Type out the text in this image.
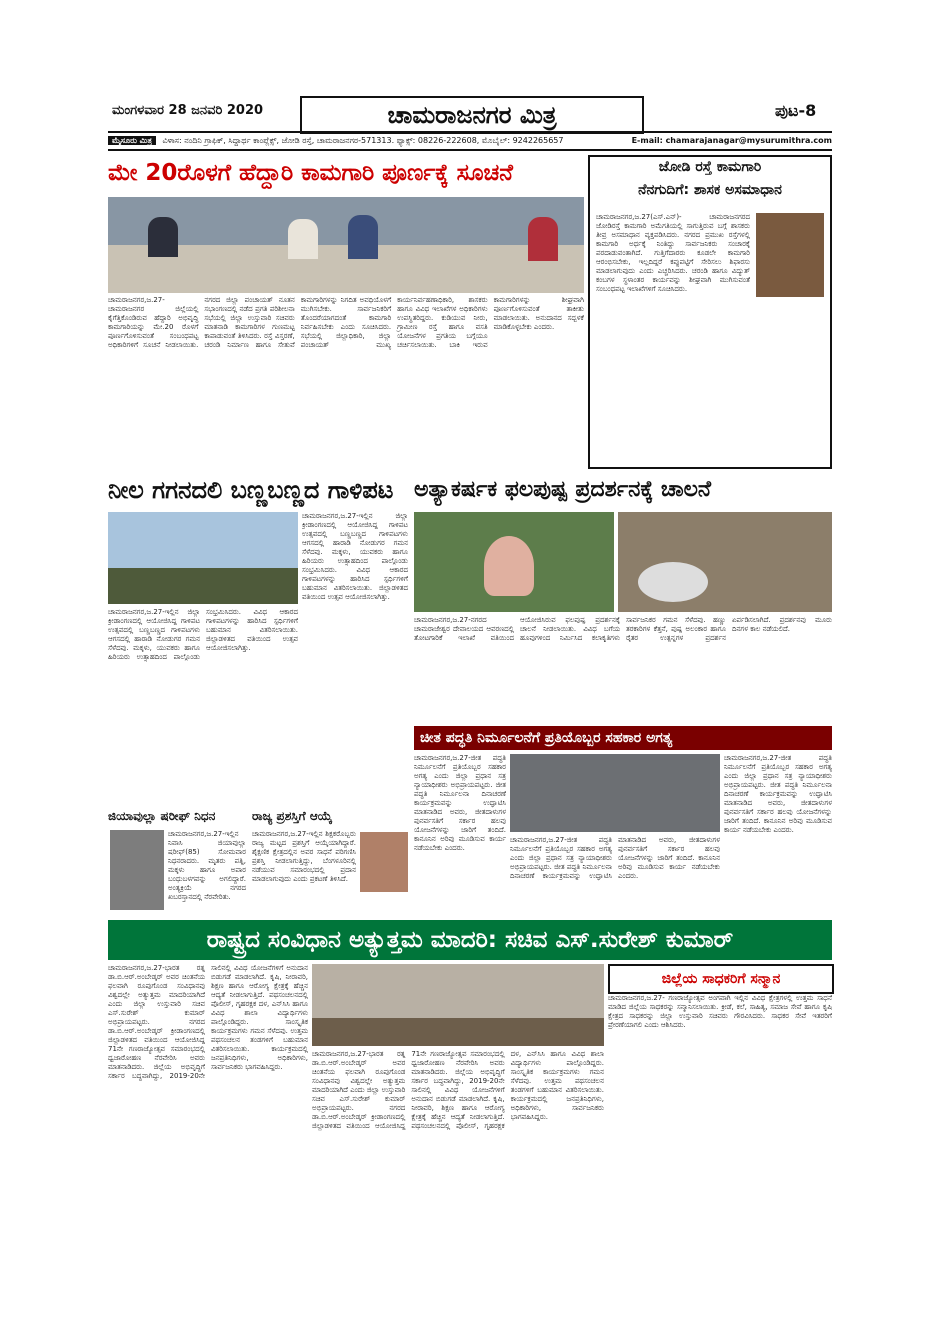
ಮಂಗಳವಾರ 28 ಜನವರಿ 2020	ಚಾಮರಾಜನಗರ ಮಿತ್ರ	ಪುಟ-8
ಮೈಸೂರು ಮಿತ್ರ ವಿಳಾಸ: ನಂದಿನಿ ಗ್ರಾಫಿಕ್, ಸಿದ್ದಾರ್ಥ ಕಾಂಪ್ಲೆಕ್ಸ್, ಜೋಡಿ ರಸ್ತೆ, ಚಾಮರಾಜನಗರ-571313. ಫ್ಯಾಕ್ಸ್: 08226-222608, ಮೊಬೈಲ್: 9242265657	E-mail: chamarajanagar@mysurumithra.com
ಮೇ 20ರೊಳಗೆ ಹೆದ್ದಾರಿ ಕಾಮಗಾರಿ ಪೂರ್ಣಕ್ಕೆ ಸೂಚನೆ
ಚಾಮರಾಜನಗರ,ಜ.27-ಚಾಮರಾಜನಗರ ಜಿಲ್ಲೆಯಲ್ಲಿ ಕೈಗೆತ್ತಿಕೊಂಡಿರುವ ಹೆದ್ದಾರಿ ಅಭಿವೃದ್ಧಿ ಕಾಮಗಾರಿಯನ್ನು ಮೇ.20 ರೊಳಗೆ ಪೂರ್ಣಗೊಳಿಸುವಂತೆ ಸಂಬಂಧಪಟ್ಟ ಅಧಿಕಾರಿಗಳಿಗೆ ಸೂಚನೆ ನೀಡಲಾಯಿತು. ನಗರದ ಜಿಲ್ಲಾ ಪಂಚಾಯತ್ ನೂತನ ಸಭಾಂಗಣದಲ್ಲಿ ನಡೆದ ಪ್ರಗತಿ ಪರಿಶೀಲನಾ ಸಭೆಯಲ್ಲಿ ಜಿಲ್ಲಾ ಉಸ್ತುವಾರಿ ಸಚಿವರು ಮಾತನಾಡಿ ಕಾಮಗಾರಿಗಳ ಗುಣಮಟ್ಟ ಕಾಪಾಡುವಂತೆ ತಿಳಿಸಿದರು. ರಸ್ತೆ ವಿಸ್ತರಣೆ, ಚರಂಡಿ ನಿರ್ಮಾಣ ಹಾಗೂ ಸೇತುವೆ ಕಾಮಗಾರಿಗಳನ್ನು ನಿಗದಿತ ಅವಧಿಯೊಳಗೆ ಮುಗಿಸಬೇಕು. ಸಾರ್ವಜನಿಕರಿಗೆ ತೊಂದರೆಯಾಗದಂತೆ ಕಾಮಗಾರಿ ನಿರ್ವಹಿಸಬೇಕು ಎಂದು ಸೂಚಿಸಿದರು. ಸಭೆಯಲ್ಲಿ ಜಿಲ್ಲಾಧಿಕಾರಿ, ಜಿಲ್ಲಾ ಪಂಚಾಯತ್ ಮುಖ್ಯ ಕಾರ್ಯನಿರ್ವಹಣಾಧಿಕಾರಿ, ಶಾಸಕರು ಹಾಗೂ ವಿವಿಧ ಇಲಾಖೆಗಳ ಅಧಿಕಾರಿಗಳು ಉಪಸ್ಥಿತರಿದ್ದರು. ಕುಡಿಯುವ ನೀರು, ಗ್ರಾಮೀಣ ರಸ್ತೆ ಹಾಗೂ ವಸತಿ ಯೋಜನೆಗಳ ಪ್ರಗತಿಯ ಬಗ್ಗೆಯೂ ಚರ್ಚಿಸಲಾಯಿತು. ಬಾಕಿ ಇರುವ ಕಾಮಗಾರಿಗಳನ್ನು ಶೀಘ್ರವಾಗಿ ಪೂರ್ಣಗೊಳಿಸುವಂತೆ ತಾಕೀತು ಮಾಡಲಾಯಿತು. ಅನುದಾನದ ಸದ್ಬಳಕೆ ಮಾಡಿಕೊಳ್ಳಬೇಕು ಎಂದರು.
ಜೋಡಿ ರಸ್ತೆ ಕಾಮಗಾರಿ
ನೆನಗುದಿಗೆ: ಶಾಸಕ ಅಸಮಾಧಾನ
ಚಾಮರಾಜನಗರ,ಜ.27(ಎಸ್.ಎನ್)- ಚಾಮರಾಜನಗರದ ಜೋಡಿರಸ್ತೆ ಕಾಮಗಾರಿ ಅಮೆಗತಿಯಲ್ಲಿ ಸಾಗುತ್ತಿರುವ ಬಗ್ಗೆ ಶಾಸಕರು ತೀವ್ರ ಅಸಮಾಧಾನ ವ್ಯಕ್ತಪಡಿಸಿದರು. ನಗರದ ಪ್ರಮುಖ ರಸ್ತೆಗಳಲ್ಲಿ ಕಾಮಗಾರಿ ಅರ್ಧಕ್ಕೆ ನಿಂತಿದ್ದು ಸಾರ್ವಜನಿಕರು ಸಂಚಾರಕ್ಕೆ ಪರದಾಡುವಂತಾಗಿದೆ. ಗುತ್ತಿಗೆದಾರರು ಕೂಡಲೇ ಕಾಮಗಾರಿ ಆರಂಭಿಸಬೇಕು, ಇಲ್ಲದಿದ್ದರೆ ಕಪ್ಪುಪಟ್ಟಿಗೆ ಸೇರಿಸಲು ಶಿಫಾರಸು ಮಾಡಲಾಗುವುದು ಎಂದು ಎಚ್ಚರಿಸಿದರು. ಚರಂಡಿ ಹಾಗೂ ವಿದ್ಯುತ್ ಕಂಬಗಳ ಸ್ಥಳಾಂತರ ಕಾರ್ಯವನ್ನು ಶೀಘ್ರವಾಗಿ ಮುಗಿಸುವಂತೆ ಸಂಬಂಧಪಟ್ಟ ಇಲಾಖೆಗಳಿಗೆ ಸೂಚಿಸಿದರು.
ನೀಲ ಗಗನದಲಿ ಬಣ್ಣಬಣ್ಣದ ಗಾಳಿಪಟ
ಚಾಮರಾಜನಗರ,ಜ.27-ಇಲ್ಲಿನ ಜಿಲ್ಲಾ ಕ್ರೀಡಾಂಗಣದಲ್ಲಿ ಆಯೋಜಿಸಿದ್ದ ಗಾಳಿಪಟ ಉತ್ಸವದಲ್ಲಿ ಬಣ್ಣಬಣ್ಣದ ಗಾಳಿಪಟಗಳು ಆಗಸದಲ್ಲಿ ಹಾರಾಡಿ ನೋಡುಗರ ಗಮನ ಸೆಳೆದವು. ಮಕ್ಕಳು, ಯುವಕರು ಹಾಗೂ ಹಿರಿಯರು ಉತ್ಸಾಹದಿಂದ ಪಾಲ್ಗೊಂಡು ಸಂಭ್ರಮಿಸಿದರು. ವಿವಿಧ ಆಕಾರದ ಗಾಳಿಪಟಗಳನ್ನು ಹಾರಿಸಿದ ಸ್ಪರ್ಧಿಗಳಿಗೆ ಬಹುಮಾನ ವಿತರಿಸಲಾಯಿತು. ಜಿಲ್ಲಾಡಳಿತದ ವತಿಯಿಂದ ಉತ್ಸವ ಆಯೋಜಿಸಲಾಗಿತ್ತು.
ಚಾಮರಾಜನಗರ,ಜ.27-ಇಲ್ಲಿನ ಜಿಲ್ಲಾ ಕ್ರೀಡಾಂಗಣದಲ್ಲಿ ಆಯೋಜಿಸಿದ್ದ ಗಾಳಿಪಟ ಉತ್ಸವದಲ್ಲಿ ಬಣ್ಣಬಣ್ಣದ ಗಾಳಿಪಟಗಳು ಆಗಸದಲ್ಲಿ ಹಾರಾಡಿ ನೋಡುಗರ ಗಮನ ಸೆಳೆದವು. ಮಕ್ಕಳು, ಯುವಕರು ಹಾಗೂ ಹಿರಿಯರು ಉತ್ಸಾಹದಿಂದ ಪಾಲ್ಗೊಂಡು ಸಂಭ್ರಮಿಸಿದರು. ವಿವಿಧ ಆಕಾರದ ಗಾಳಿಪಟಗಳನ್ನು ಹಾರಿಸಿದ ಸ್ಪರ್ಧಿಗಳಿಗೆ ಬಹುಮಾನ ವಿತರಿಸಲಾಯಿತು. ಜಿಲ್ಲಾಡಳಿತದ ವತಿಯಿಂದ ಉತ್ಸವ ಆಯೋಜಿಸಲಾಗಿತ್ತು.
ಅತ್ಯಾಕರ್ಷಕ ಫಲಪುಷ್ಪ ಪ್ರದರ್ಶನಕ್ಕೆ ಚಾಲನೆ
ಚಾಮರಾಜನಗರ,ಜ.27-ನಗರದ ಚಾಮರಾಜೇಶ್ವರ ದೇವಾಲಯದ ಆವರಣದಲ್ಲಿ ತೋಟಗಾರಿಕೆ ಇಲಾಖೆ ವತಿಯಿಂದ ಆಯೋಜಿಸಿರುವ ಫಲಪುಷ್ಪ ಪ್ರದರ್ಶನಕ್ಕೆ ಚಾಲನೆ ನೀಡಲಾಯಿತು. ವಿವಿಧ ಬಗೆಯ ಹೂವುಗಳಿಂದ ನಿರ್ಮಿಸಿದ ಕಲಾಕೃತಿಗಳು ಸಾರ್ವಜನಿಕರ ಗಮನ ಸೆಳೆದವು. ಹಣ್ಣು ತರಕಾರಿಗಳ ಕೆತ್ತನೆ, ಪುಷ್ಪ ಅಲಂಕಾರ ಹಾಗೂ ರೈತರ ಉತ್ಪನ್ನಗಳ ಪ್ರದರ್ಶನ ಏರ್ಪಡಿಸಲಾಗಿದೆ. ಪ್ರದರ್ಶನವು ಮೂರು ದಿನಗಳ ಕಾಲ ನಡೆಯಲಿದೆ.
ಚೀತ ಪದ್ಧತಿ ನಿರ್ಮೂಲನೆಗೆ ಪ್ರತಿಯೊಬ್ಬರ ಸಹಕಾರ ಅಗತ್ಯ
ಚಾಮರಾಜನಗರ,ಜ.27-ಜೀತ ಪದ್ಧತಿ ನಿರ್ಮೂಲನೆಗೆ ಪ್ರತಿಯೊಬ್ಬರ ಸಹಕಾರ ಅಗತ್ಯ ಎಂದು ಜಿಲ್ಲಾ ಪ್ರಧಾನ ಸತ್ರ ನ್ಯಾಯಾಧೀಶರು ಅಭಿಪ್ರಾಯಪಟ್ಟರು. ಜೀತ ಪದ್ಧತಿ ನಿರ್ಮೂಲನಾ ದಿನಾಚರಣೆ ಕಾರ್ಯಕ್ರಮವನ್ನು ಉದ್ಘಾಟಿಸಿ ಮಾತನಾಡಿದ ಅವರು, ಜೀತದಾಳುಗಳ ಪುನರ್ವಸತಿಗೆ ಸರ್ಕಾರ ಹಲವು ಯೋಜನೆಗಳನ್ನು ಜಾರಿಗೆ ತಂದಿದೆ. ಕಾನೂನಿನ ಅರಿವು ಮೂಡಿಸುವ ಕಾರ್ಯ ನಡೆಯಬೇಕು ಎಂದರು.
ಚಾಮರಾಜನಗರ,ಜ.27-ಜೀತ ಪದ್ಧತಿ ನಿರ್ಮೂಲನೆಗೆ ಪ್ರತಿಯೊಬ್ಬರ ಸಹಕಾರ ಅಗತ್ಯ ಎಂದು ಜಿಲ್ಲಾ ಪ್ರಧಾನ ಸತ್ರ ನ್ಯಾಯಾಧೀಶರು ಅಭಿಪ್ರಾಯಪಟ್ಟರು. ಜೀತ ಪದ್ಧತಿ ನಿರ್ಮೂಲನಾ ದಿನಾಚರಣೆ ಕಾರ್ಯಕ್ರಮವನ್ನು ಉದ್ಘಾಟಿಸಿ ಮಾತನಾಡಿದ ಅವರು, ಜೀತದಾಳುಗಳ ಪುನರ್ವಸತಿಗೆ ಸರ್ಕಾರ ಹಲವು ಯೋಜನೆಗಳನ್ನು ಜಾರಿಗೆ ತಂದಿದೆ. ಕಾನೂನಿನ ಅರಿವು ಮೂಡಿಸುವ ಕಾರ್ಯ ನಡೆಯಬೇಕು ಎಂದರು.
ಚಾಮರಾಜನಗರ,ಜ.27-ಜೀತ ಪದ್ಧತಿ ನಿರ್ಮೂಲನೆಗೆ ಪ್ರತಿಯೊಬ್ಬರ ಸಹಕಾರ ಅಗತ್ಯ ಎಂದು ಜಿಲ್ಲಾ ಪ್ರಧಾನ ಸತ್ರ ನ್ಯಾಯಾಧೀಶರು ಅಭಿಪ್ರಾಯಪಟ್ಟರು. ಜೀತ ಪದ್ಧತಿ ನಿರ್ಮೂಲನಾ ದಿನಾಚರಣೆ ಕಾರ್ಯಕ್ರಮವನ್ನು ಉದ್ಘಾಟಿಸಿ ಮಾತನಾಡಿದ ಅವರು, ಜೀತದಾಳುಗಳ ಪುನರ್ವಸತಿಗೆ ಸರ್ಕಾರ ಹಲವು ಯೋಜನೆಗಳನ್ನು ಜಾರಿಗೆ ತಂದಿದೆ. ಕಾನೂನಿನ ಅರಿವು ಮೂಡಿಸುವ ಕಾರ್ಯ ನಡೆಯಬೇಕು ಎಂದರು.
ಜಿಯಾವುಲ್ಲಾ ಷರೀಫ್ ನಿಧನ
ಚಾಮರಾಜನಗರ,ಜ.27-ಇಲ್ಲಿನ ನಿವಾಸಿ ಜಿಯಾವುಲ್ಲಾ ಷರೀಫ್(85) ಸೋಮವಾರ ನಿಧನರಾದರು. ಮೃತರು ಪತ್ನಿ, ಮಕ್ಕಳು ಹಾಗೂ ಅಪಾರ ಬಂಧುಬಳಗವನ್ನು ಅಗಲಿದ್ದಾರೆ. ಅಂತ್ಯಕ್ರಿಯೆ ನಗರದ ಖಬರಸ್ತಾನದಲ್ಲಿ ನೆರವೇರಿತು.
ರಾಜ್ಯ ಪ್ರಶಸ್ತಿಗೆ ಆಯ್ಕೆ
ಚಾಮರಾಜನಗರ,ಜ.27-ಇಲ್ಲಿನ ಶಿಕ್ಷಕರೊಬ್ಬರು ರಾಜ್ಯ ಮಟ್ಟದ ಪ್ರಶಸ್ತಿಗೆ ಆಯ್ಕೆಯಾಗಿದ್ದಾರೆ. ಶೈಕ್ಷಣಿಕ ಕ್ಷೇತ್ರದಲ್ಲಿನ ಅವರ ಸಾಧನೆ ಪರಿಗಣಿಸಿ ಪ್ರಶಸ್ತಿ ನೀಡಲಾಗುತ್ತಿದ್ದು, ಬೆಂಗಳೂರಿನಲ್ಲಿ ನಡೆಯುವ ಸಮಾರಂಭದಲ್ಲಿ ಪ್ರದಾನ ಮಾಡಲಾಗುವುದು ಎಂದು ಪ್ರಕಟಣೆ ತಿಳಿಸಿದೆ.
ರಾಷ್ಟ್ರದ ಸಂವಿಧಾನ ಅತ್ಯುತ್ತಮ ಮಾದರಿ: ಸಚಿವ ಎಸ್.ಸುರೇಶ್ ಕುಮಾರ್
ಚಾಮರಾಜನಗರ,ಜ.27-ಭಾರತ ರತ್ನ ಡಾ.ಬಿ.ಆರ್.ಅಂಬೇಡ್ಕರ್ ಅವರ ಚಿಂತನೆಯ ಫಲವಾಗಿ ರೂಪುಗೊಂಡ ಸಂವಿಧಾನವು ವಿಶ್ವದಲ್ಲೇ ಅತ್ಯುತ್ತಮ ಮಾದರಿಯಾಗಿದೆ ಎಂದು ಜಿಲ್ಲಾ ಉಸ್ತುವಾರಿ ಸಚಿವ ಎಸ್.ಸುರೇಶ್ ಕುಮಾರ್ ಅಭಿಪ್ರಾಯಪಟ್ಟರು. ನಗರದ ಡಾ.ಬಿ.ಆರ್.ಅಂಬೇಡ್ಕರ್ ಕ್ರೀಡಾಂಗಣದಲ್ಲಿ ಜಿಲ್ಲಾಡಳಿತದ ವತಿಯಿಂದ ಆಯೋಜಿಸಿದ್ದ 71ನೇ ಗಣರಾಜ್ಯೋತ್ಸವ ಸಮಾರಂಭದಲ್ಲಿ ಧ್ವಜಾರೋಹಣ ನೆರವೇರಿಸಿ ಅವರು ಮಾತನಾಡಿದರು. ಜಿಲ್ಲೆಯ ಅಭಿವೃದ್ಧಿಗೆ ಸರ್ಕಾರ ಬದ್ಧವಾಗಿದ್ದು, 2019-20ನೇ ಸಾಲಿನಲ್ಲಿ ವಿವಿಧ ಯೋಜನೆಗಳಿಗೆ ಅನುದಾನ ಬಿಡುಗಡೆ ಮಾಡಲಾಗಿದೆ. ಕೃಷಿ, ನೀರಾವರಿ, ಶಿಕ್ಷಣ ಹಾಗೂ ಆರೋಗ್ಯ ಕ್ಷೇತ್ರಕ್ಕೆ ಹೆಚ್ಚಿನ ಆದ್ಯತೆ ನೀಡಲಾಗುತ್ತಿದೆ. ಪಥಸಂಚಲನದಲ್ಲಿ ಪೊಲೀಸ್, ಗೃಹರಕ್ಷಕ ದಳ, ಎನ್‌ಸಿಸಿ ಹಾಗೂ ವಿವಿಧ ಶಾಲಾ ವಿದ್ಯಾರ್ಥಿಗಳು ಪಾಲ್ಗೊಂಡಿದ್ದರು. ಸಾಂಸ್ಕೃತಿಕ ಕಾರ್ಯಕ್ರಮಗಳು ಗಮನ ಸೆಳೆದವು. ಉತ್ತಮ ಪಥಸಂಚಲನ ತಂಡಗಳಿಗೆ ಬಹುಮಾನ ವಿತರಿಸಲಾಯಿತು. ಕಾರ್ಯಕ್ರಮದಲ್ಲಿ ಜನಪ್ರತಿನಿಧಿಗಳು, ಅಧಿಕಾರಿಗಳು, ಸಾರ್ವಜನಿಕರು ಭಾಗವಹಿಸಿದ್ದರು.
ಚಾಮರಾಜನಗರ,ಜ.27-ಭಾರತ ರತ್ನ ಡಾ.ಬಿ.ಆರ್.ಅಂಬೇಡ್ಕರ್ ಅವರ ಚಿಂತನೆಯ ಫಲವಾಗಿ ರೂಪುಗೊಂಡ ಸಂವಿಧಾನವು ವಿಶ್ವದಲ್ಲೇ ಅತ್ಯುತ್ತಮ ಮಾದರಿಯಾಗಿದೆ ಎಂದು ಜಿಲ್ಲಾ ಉಸ್ತುವಾರಿ ಸಚಿವ ಎಸ್.ಸುರೇಶ್ ಕುಮಾರ್ ಅಭಿಪ್ರಾಯಪಟ್ಟರು. ನಗರದ ಡಾ.ಬಿ.ಆರ್.ಅಂಬೇಡ್ಕರ್ ಕ್ರೀಡಾಂಗಣದಲ್ಲಿ ಜಿಲ್ಲಾಡಳಿತದ ವತಿಯಿಂದ ಆಯೋಜಿಸಿದ್ದ 71ನೇ ಗಣರಾಜ್ಯೋತ್ಸವ ಸಮಾರಂಭದಲ್ಲಿ ಧ್ವಜಾರೋಹಣ ನೆರವೇರಿಸಿ ಅವರು ಮಾತನಾಡಿದರು. ಜಿಲ್ಲೆಯ ಅಭಿವೃದ್ಧಿಗೆ ಸರ್ಕಾರ ಬದ್ಧವಾಗಿದ್ದು, 2019-20ನೇ ಸಾಲಿನಲ್ಲಿ ವಿವಿಧ ಯೋಜನೆಗಳಿಗೆ ಅನುದಾನ ಬಿಡುಗಡೆ ಮಾಡಲಾಗಿದೆ. ಕೃಷಿ, ನೀರಾವರಿ, ಶಿಕ್ಷಣ ಹಾಗೂ ಆರೋಗ್ಯ ಕ್ಷೇತ್ರಕ್ಕೆ ಹೆಚ್ಚಿನ ಆದ್ಯತೆ ನೀಡಲಾಗುತ್ತಿದೆ. ಪಥಸಂಚಲನದಲ್ಲಿ ಪೊಲೀಸ್, ಗೃಹರಕ್ಷಕ ದಳ, ಎನ್‌ಸಿಸಿ ಹಾಗೂ ವಿವಿಧ ಶಾಲಾ ವಿದ್ಯಾರ್ಥಿಗಳು ಪಾಲ್ಗೊಂಡಿದ್ದರು. ಸಾಂಸ್ಕೃತಿಕ ಕಾರ್ಯಕ್ರಮಗಳು ಗಮನ ಸೆಳೆದವು. ಉತ್ತಮ ಪಥಸಂಚಲನ ತಂಡಗಳಿಗೆ ಬಹುಮಾನ ವಿತರಿಸಲಾಯಿತು. ಕಾರ್ಯಕ್ರಮದಲ್ಲಿ ಜನಪ್ರತಿನಿಧಿಗಳು, ಅಧಿಕಾರಿಗಳು, ಸಾರ್ವಜನಿಕರು ಭಾಗವಹಿಸಿದ್ದರು.
ಜಿಲ್ಲೆಯ ಸಾಧಕರಿಗೆ ಸನ್ಮಾನ
ಚಾಮರಾಜನಗರ,ಜ.27- ಗಣರಾಜ್ಯೋತ್ಸವ ಅಂಗವಾಗಿ ಇಲ್ಲಿನ ವಿವಿಧ ಕ್ಷೇತ್ರಗಳಲ್ಲಿ ಉತ್ತಮ ಸಾಧನೆ ಮಾಡಿದ ಜಿಲ್ಲೆಯ ಸಾಧಕರನ್ನು ಸನ್ಮಾನಿಸಲಾಯಿತು. ಕ್ರೀಡೆ, ಕಲೆ, ಸಾಹಿತ್ಯ, ಸಮಾಜ ಸೇವೆ ಹಾಗೂ ಕೃಷಿ ಕ್ಷೇತ್ರದ ಸಾಧಕರನ್ನು ಜಿಲ್ಲಾ ಉಸ್ತುವಾರಿ ಸಚಿವರು ಗೌರವಿಸಿದರು. ಸಾಧಕರ ಸೇವೆ ಇತರರಿಗೆ ಪ್ರೇರಣೆಯಾಗಲಿ ಎಂದು ಆಶಿಸಿದರು.
